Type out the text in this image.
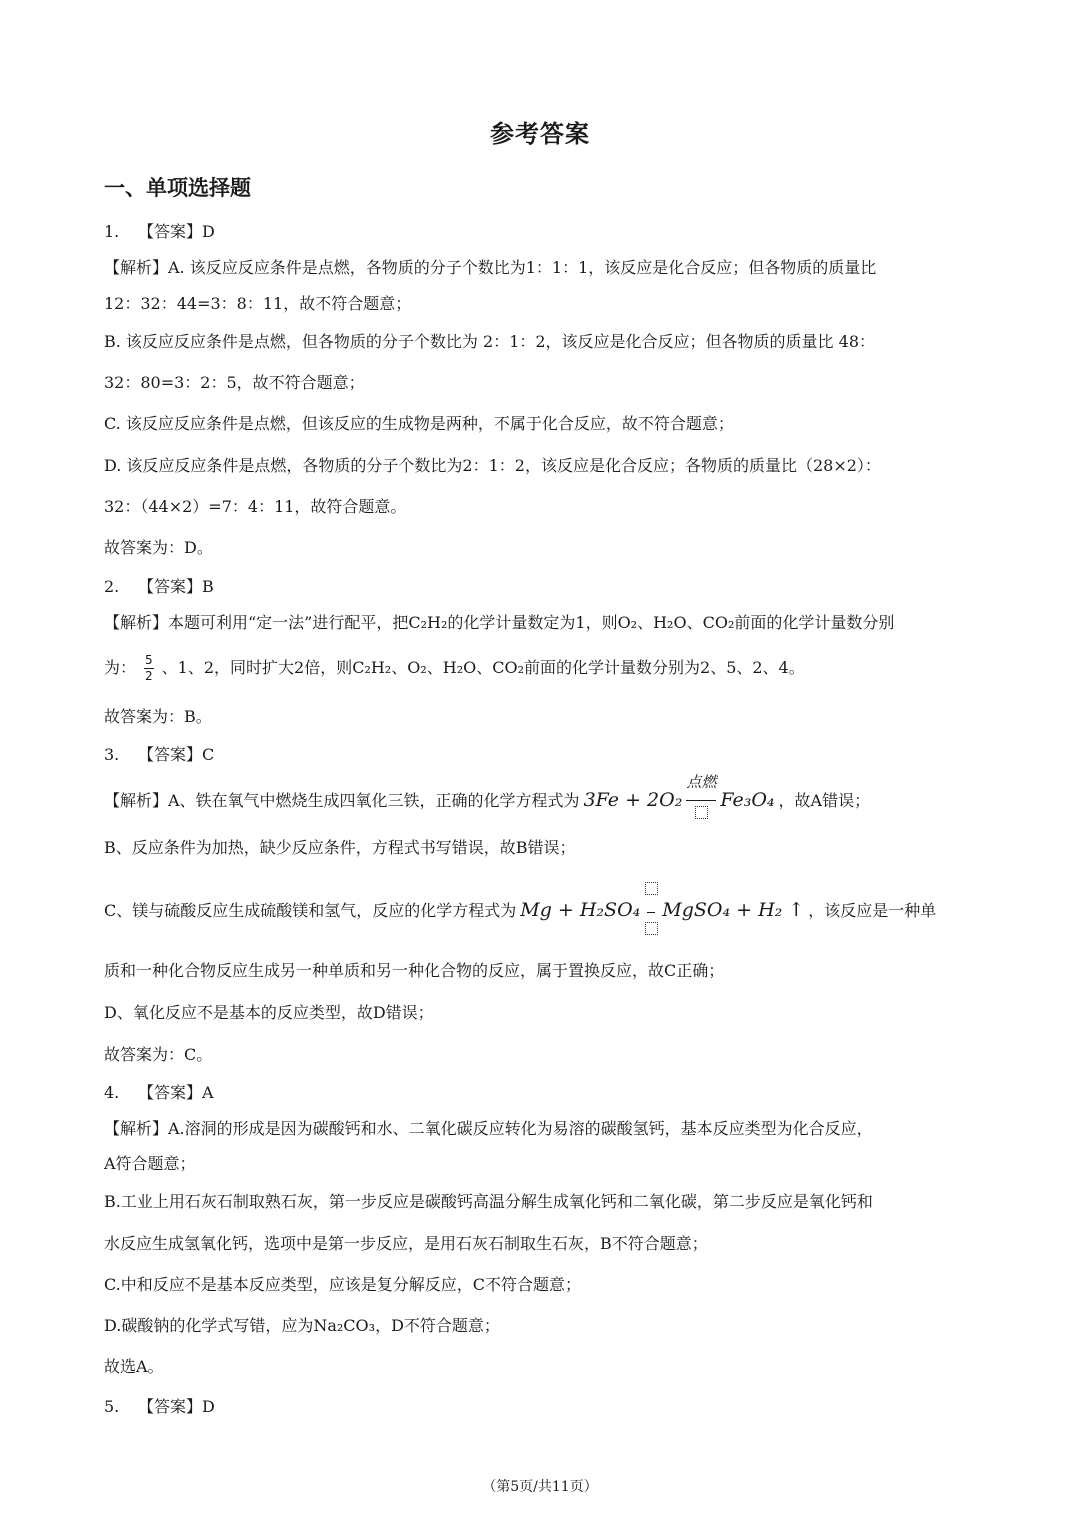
参考答案
一、单项选择题
1. 【答案】D
【解析】A. 该反应反应条件是点燃，各物质的分子个数比为1：1：1，该反应是化合反应；但各物质的质量比
12：32：44=3：8：11，故不符合题意；
B. 该反应反应条件是点燃，但各物质的分子个数比为 2：1：2，该反应是化合反应；但各物质的质量比 48：
32：80=3：2：5，故不符合题意；
C. 该反应反应条件是点燃，但该反应的生成物是两种，不属于化合反应，故不符合题意；
D. 该反应反应条件是点燃，各物质的分子个数比为2：1：2，该反应是化合反应；各物质的质量比（28×2）：
32：（44×2）=7：4：11，故符合题意。
故答案为：D。
2. 【答案】B
【解析】本题可利用“定一法”进行配平，把C₂H₂的化学计量数定为1，则O₂、H₂O、CO₂前面的化学计量数分别
为： $\frac{5}{2}$ 、1、2，同时扩大2倍，则C₂H₂、O₂、H₂O、CO₂前面的化学计量数分别为2、5、2、4。
故答案为：B。
3. 【答案】C
【解析】A、铁在氧气中燃烧生成四氧化三铁，正确的化学方程式为 3Fe + 2O₂
点燃
Fe₃O₄ ，故A错误；
B、反应条件为加热，缺少反应条件，方程式书写错误，故B错误；
C、镁与硫酸反应生成硫酸镁和氢气，反应的化学方程式为 Mg + H₂SO₄ MgSO₄ + H₂ ↑ ，该反应是一种单
质和一种化合物反应生成另一种单质和另一种化合物的反应，属于置换反应，故C正确；
D、氧化反应不是基本的反应类型，故D错误；
故答案为：C。
4. 【答案】A
【解析】A.溶洞的形成是因为碳酸钙和水、二氧化碳反应转化为易溶的碳酸氢钙，基本反应类型为化合反应，
A符合题意；
B.工业上用石灰石制取熟石灰，第一步反应是碳酸钙高温分解生成氧化钙和二氧化碳，第二步反应是氧化钙和
水反应生成氢氧化钙，选项中是第一步反应，是用石灰石制取生石灰，B不符合题意；
C.中和反应不是基本反应类型，应该是复分解反应，C不符合题意；
D.碳酸钠的化学式写错，应为Na₂CO₃，D不符合题意；
故选A。
5. 【答案】D
（第5页/共11页）
